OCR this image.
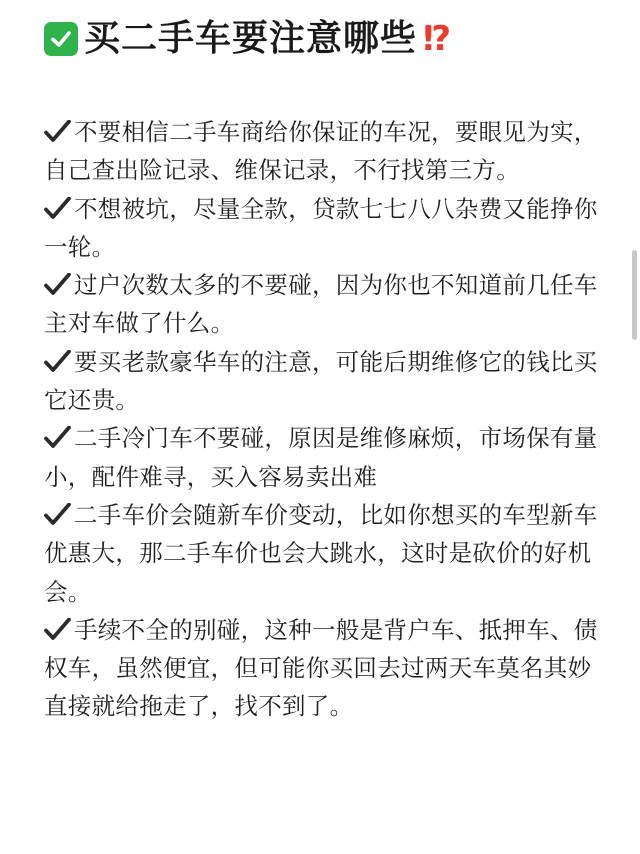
买二手车要注意哪些 ⁉

不要相信二手车商给你保证的车况，要眼见为实，自己查出险记录、维保记录，不行找第三方。

不想被坑，尽量全款，贷款七七八八杂费又能挣你一轮。

过户次数太多的不要碰，因为你也不知道前几任车主对车做了什么。

要买老款豪华车的注意，可能后期维修它的钱比买它还贵。

二手冷门车不要碰，原因是维修麻烦，市场保有量小，配件难寻，买入容易卖出难

二手车价会随新车价变动，比如你想买的车型新车优惠大，那二手车价也会大跳水，这时是砍价的好机会。

手续不全的别碰，这种一般是背户车、抵押车、债权车，虽然便宜，但可能你买回去过两天车莫名其妙直接就给拖走了，找不到了。
